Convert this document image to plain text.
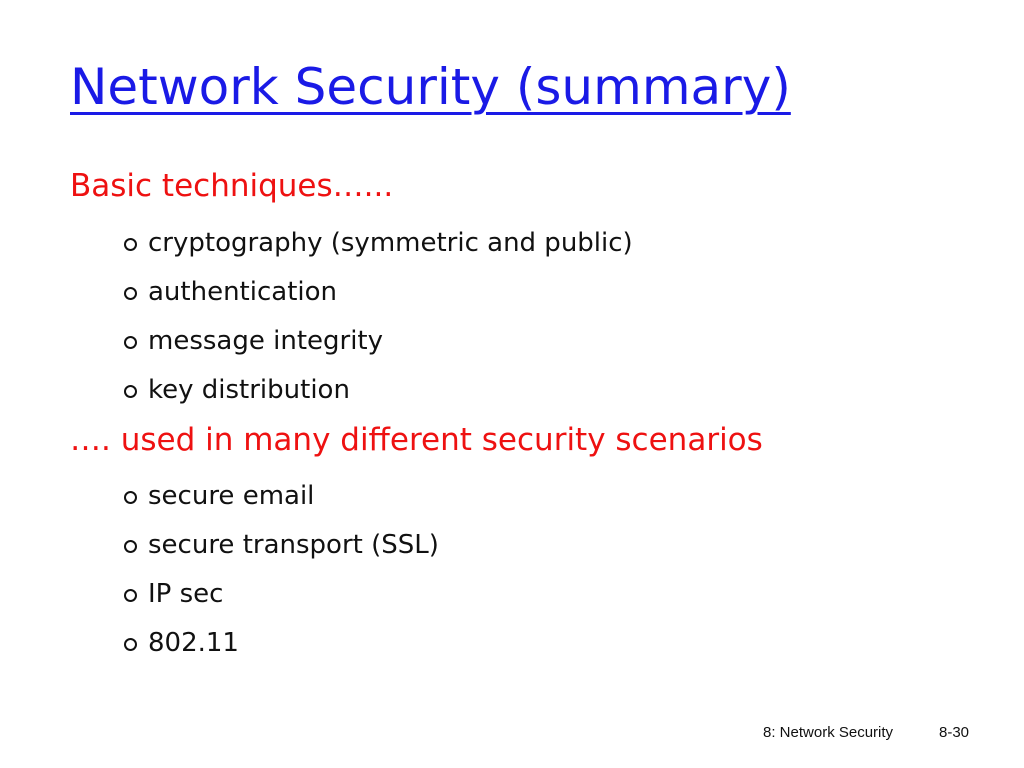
Network Security (summary)

Basic techniques…...

cryptography (symmetric and public)
authentication
message integrity
key distribution

…. used in many different security scenarios

secure email
secure transport (SSL)
IP sec
802.11
8: Network Security	8-30
